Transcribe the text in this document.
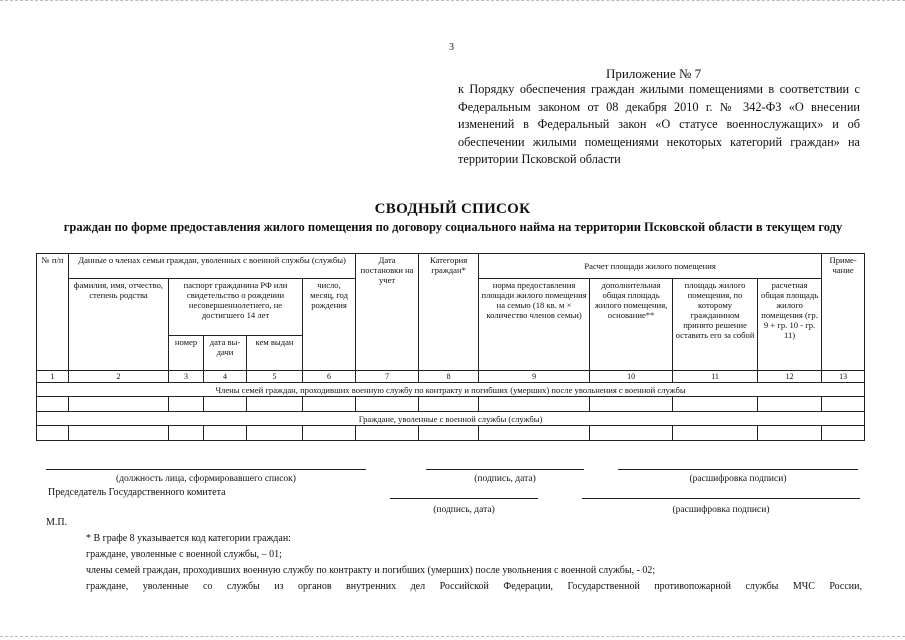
3
Приложение № 7
к Порядку обеспечения граждан жилыми помещениями в соответствии с Федеральным законом от 08 декабря 2010 г. № 342-ФЗ «О внесении изменений в Федеральный закон «О статусе военнослужащих» и об обеспечении жилыми помещениями некоторых категорий граждан» на территории Псковской области
СВОДНЫЙ СПИСОК
граждан по форме предоставления жилого помещения по договору социального найма на территории Псковской области в текущем году
№ п/п	Данные о членах семьи граждан, уволенных с военной службы (службы)					Дата постановки на учет	Категория граждан*	Расчет площади жилого помещения				Приме-чание
	фамилия, имя, отчество, степень родства	паспорт гражданина РФ или свидетельство о рождении несовершеннолетнего, не достигшего 14 лет			число, месяц, год рождения			норма предоставления площади жилого помещения на семью (18 кв. м × количество членов семьи)	дополнительная общая площадь жилого помещения, основание**	площадь жилого помещения, по которому гражданином принято решение оставить его за собой	расчетная общая площадь жилого помещения (гр. 9 + гр. 10 - гр. 11)	
		номер	дата вы-дачи	кем выдан								
1	2	3	4	5	6	7	8	9	10	11	12	13
Члены семей граждан, проходивших военную службу по контракту и погибших (умерших) после увольнения с военной службы												

Граждане, уволенные с военной службы (службы)												

(должность лица, сформировавшего список)	(подпись, дата)	(расшифровка подписи)
Председатель Государственного комитета
(подпись, дата)	(расшифровка подписи)
М.П.

* В графе 8 указывается код категории граждан:

граждане, уволенные с военной службы, – 01;

члены семей граждан, проходивших военную службу по контракту и погибших (умерших) после увольнения с военной службы, - 02;

граждане, уволенные со службы из органов внутренних дел Российской Федерации, Государственной противопожарной службы МЧС России,
